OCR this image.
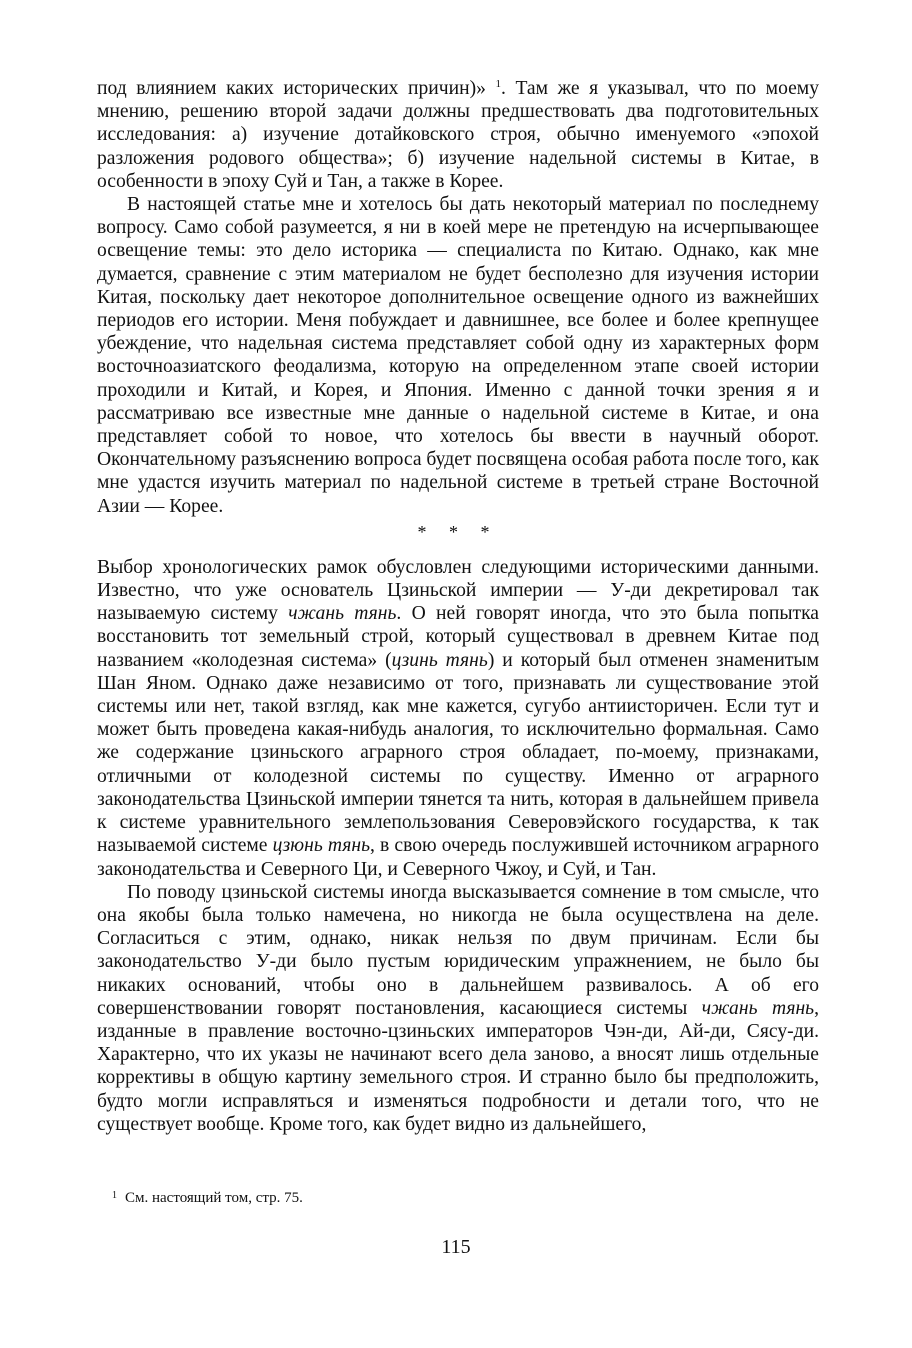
под влиянием каких исторических причин)» $^1$. Там же я указывал, что по моему мнению, решению второй задачи должны предшествовать два подготовительных исследования: а) изучение дотайковского строя, обычно именуемого «эпохой разложения родового общества»; б) изучение надельной системы в Китае, в особенности в эпоху Суй и Тан, а также в Корее.

В настоящей статье мне и хотелось бы дать некоторый материал по последнему вопросу. Само собой разумеется, я ни в коей мере не претендую на исчерпывающее освещение темы: это дело историка — специалиста по Китаю. Однако, как мне думается, сравнение с этим материалом не будет бесполезно для изучения истории Китая, поскольку дает некоторое дополнительное освещение одного из важнейших периодов его истории. Меня побуждает и давнишнее, все более и более крепнущее убеждение, что надельная система представляет собой одну из характерных форм восточноазиатского феодализма, которую на определенном этапе своей истории проходили и Китай, и Корея, и Япония. Именно с данной точки зрения я и рассматриваю все известные мне данные о надельной системе в Китае, и она представляет собой то новое, что хотелось бы ввести в научный оборот. Окончательному разъяснению вопроса будет посвящена особая работа после того, как мне удастся изучить материал по надельной системе в третьей стране Восточной Азии — Корее.

* * *

Выбор хронологических рамок обусловлен следующими историческими данными. Известно, что уже основатель Цзиньской империи — У-ди декретировал так называемую систему чжань тянь. О ней говорят иногда, что это была попытка восстановить тот земельный строй, который существовал в древнем Китае под названием «колодезная система» (цзинь тянь) и который был отменен знаменитым Шан Яном. Однако даже независимо от того, признавать ли существование этой системы или нет, такой взгляд, как мне кажется, сугубо антиисторичен. Если тут и может быть проведена какая-нибудь аналогия, то исключительно формальная. Само же содержание цзиньского аграрного строя обладает, по-моему, признаками, отличными от колодезной системы по существу. Именно от аграрного законодательства Цзиньской империи тянется та нить, которая в дальнейшем привела к системе уравнительного землепользования Северовэйского государства, к так называемой системе цзюнь тянь, в свою очередь послужившей источником аграрного законодательства и Северного Ци, и Северного Чжоу, и Суй, и Тан.

По поводу цзиньской системы иногда высказывается сомнение в том смысле, что она якобы была только намечена, но никогда не была осуществлена на деле. Согласиться с этим, однако, никак нельзя по двум причинам. Если бы законодательство У-ди было пустым юридическим упражнением, не было бы никаких оснований, чтобы оно в дальнейшем развивалось. А об его совершенствовании говорят постановления, касающиеся системы чжань тянь, изданные в правление восточно-цзиньских императоров Чэн-ди, Ай-ди, Сясу-ди. Характерно, что их указы не начинают всего дела заново, а вносят лишь отдельные коррективы в общую картину земельного строя. И странно было бы предположить, будто могли исправляться и изменяться подробности и детали того, что не существует вообще. Кроме того, как будет видно из дальнейшего,

$^1$ См. настоящий том, стр. 75.
115
